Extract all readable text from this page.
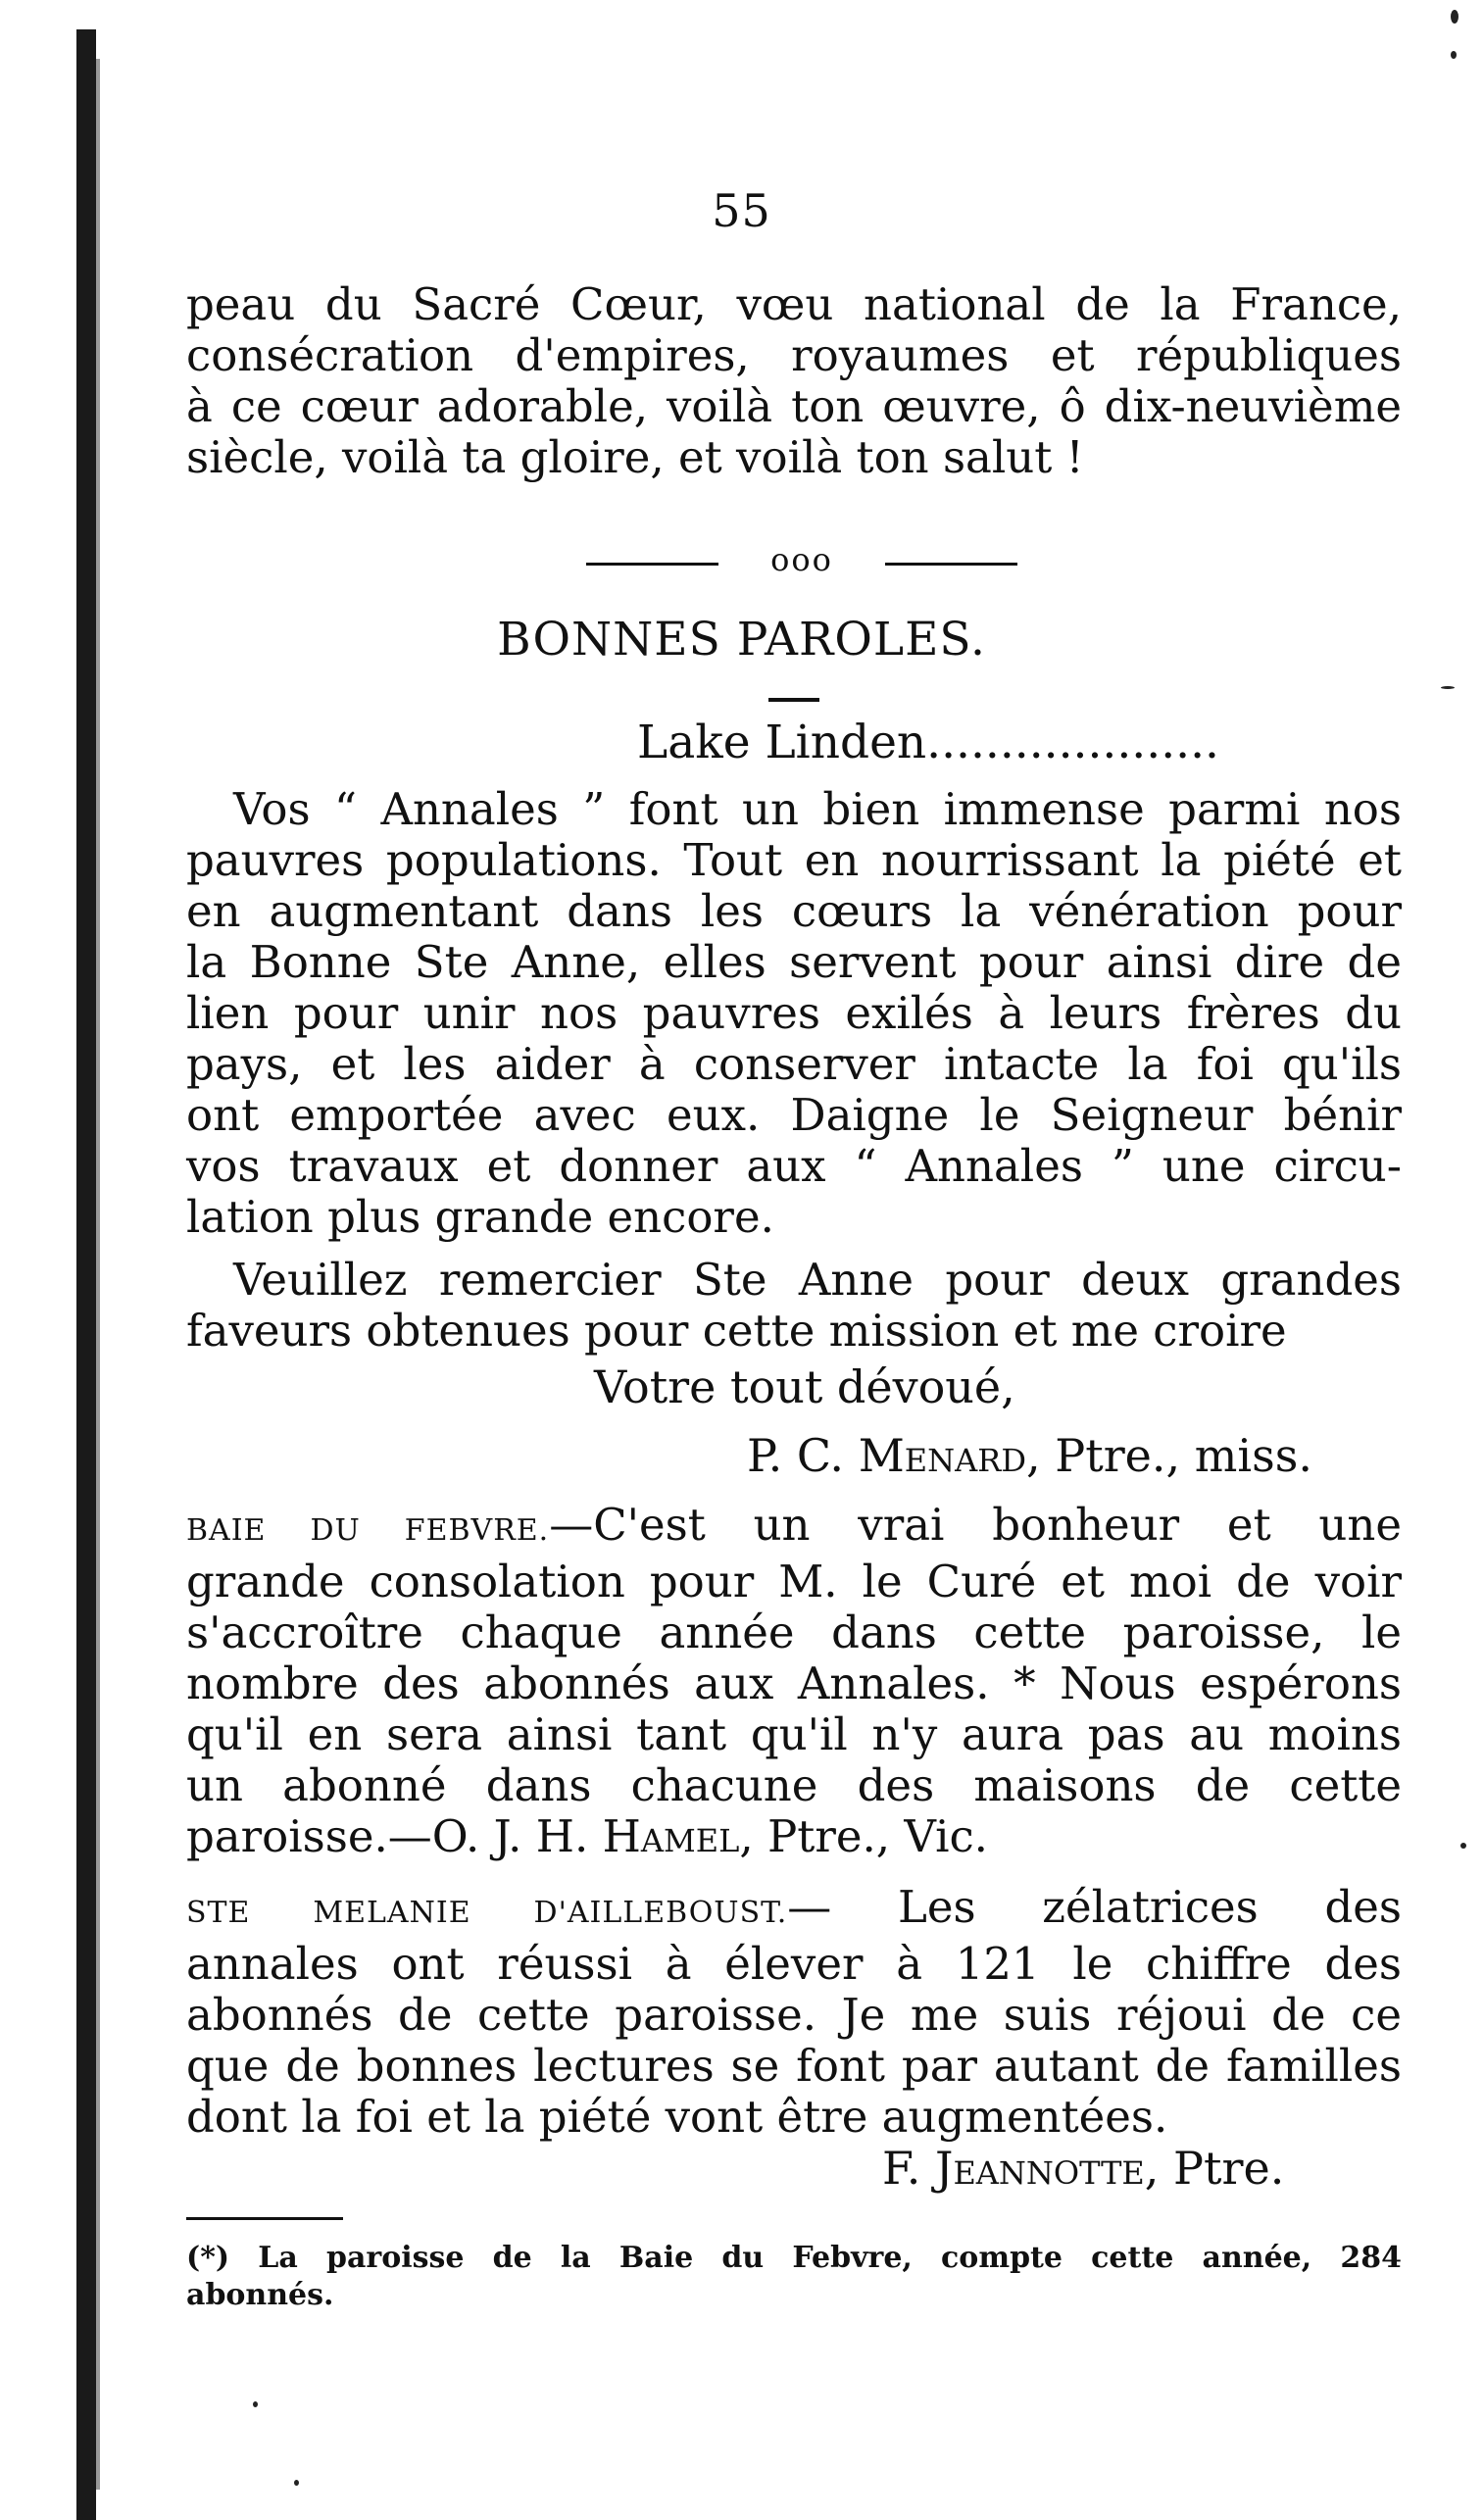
55
peau du Sacré Cœur, vœu national de la France,
consécration d'empires, royaumes et républiques
à ce cœur adorable, voilà ton œuvre, ô dix-neuvième
siècle, voilà ta gloire, et voilà ton salut !
ooo
BONNES PAROLES.
Lake Linden....................
Vos “ Annales ” font un bien immense parmi nos
pauvres populations. Tout en nourrissant la piété et
en augmentant dans les cœurs la vénération pour
la Bonne Ste Anne, elles servent pour ainsi dire de
lien pour unir nos pauvres exilés à leurs frères du
pays, et les aider à conserver intacte la foi qu'ils
ont emportée avec eux. Daigne le Seigneur bénir
vos travaux et donner aux “ Annales ” une circu-
lation plus grande encore.
Veuillez remercier Ste Anne pour deux grandes
faveurs obtenues pour cette mission et me croire
Votre tout dévoué,
P. C. Menard, Ptre., miss.
BAIE DU FEBVRE.—C'est un vrai bonheur et une
grande consolation pour M. le Curé et moi de voir
s'accroître chaque année dans cette paroisse, le
nombre des abonnés aux Annales. * Nous espérons
qu'il en sera ainsi tant qu'il n'y aura pas au moins
un abonné dans chacune des maisons de cette
paroisse.—O. J. H. Hamel, Ptre., Vic.
STE MELANIE D'AILLEBOUST.— Les zélatrices des
annales ont réussi à élever à 121 le chiffre des
abonnés de cette paroisse. Je me suis réjoui de ce
que de bonnes lectures se font par autant de familles
dont la foi et la piété vont être augmentées.
F. Jeannotte, Ptre.
(*) La paroisse de la Baie du Febvre, compte cette année, 284
abonnés.
